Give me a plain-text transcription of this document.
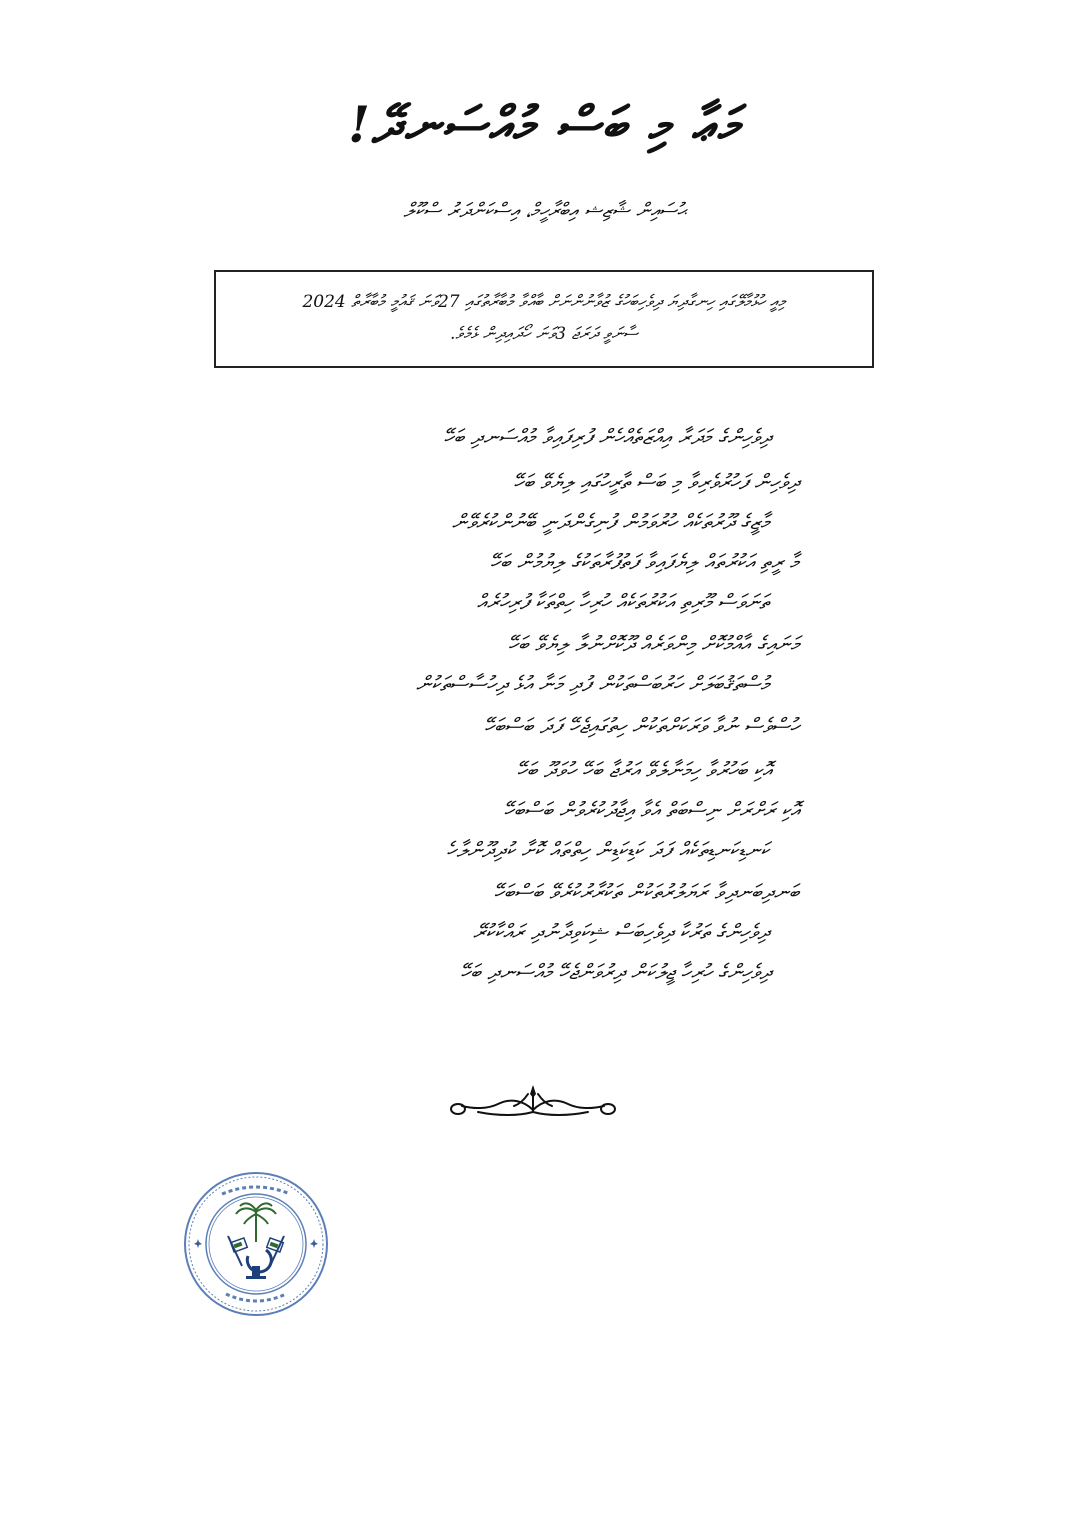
މަޢާ މި ބަސް މުއްސަނދޭ!
ޙުސައިން ޝާޒިޝ އިބްރާހީމް، އިސްކަންދަރު ސްކޫލް
މިއީ ހުޅުމާލޭގައި ހިނގާދިޔަ ދިވެހިބަހުގެ ޒުވާނުންނަށް ބާއްވާ މުބާރާތުގައި 27ވަނަ ޤައުމީ މުބާރާތް 2024
ސާނަވީ ދަރަޖަ 3ވަނަ ހޯދައިދިން ޅެމެވެ.
ދިވެހިންގެ މަދަރާ އިއްޒަތެއްހެން ފުރިފައިވާ މުއްސަނދި ބަހޭ
ދިވެހިން ފަހުރުވެރިވާ މި ބަސް ތާރީހުގައި ލިޔެވޭ ބަހޭ
މާޒީގެ ދޫރުތަކެއް ހުރުވަމުން ފުނިގެންދަނީ ބޭނުންކުރެވޭން
މާ ރީތި އަކުރުތައް ލިޔެފައިވާ ފަތުފުރާތަކުގެ ލިޔުމުން ބަހޭ
ތަނަވަސް މޫރިތި އަކުރުތަކެއް ހުރިހާ ހިތްތަކާ ފުރިހުރެއް
މަނައިގެ އާއްމުކޮށް މިންވަރެއް ދޫކޮށްނުލާ ލިޔެވޭ ބަހޭ
މުސްތަޤުބަލަށް ހަރުބަސްތަކުން ފުދި މަނާ އުޅެ ދިހުސާސްތަކުން
ހުސްވެސް ނުވާ ވަރަކަށްތަކުން ހިތުގައިޖެހޭ ފަދަ ބަސްބަހޭ
އޮކި ބަހުރުވާ ހިމަނާލެވޭ އަރުޖާ ބަހޭ ހުވަދޫ ބަހޭ
އޮކި ރަށްރަށް ނިސްބަތް އެވާ އިޖާދުކުރެވުން ބަސްބަހޭ
ކަނޑިކަނޑިތަކެއް ފަދަ ކަޑިކަޑިން ހިތްތައް ކޮށާ ކުދިދޫންލާހެ
ބަނދިބަނދިވާ ރަޔަލުރުތަކުން ތަކުރާރުކުރެވޭ ބަސްބަހޭ
ދިވެހިންގެ ތަރުކާ ދިވެހިބަސް ޝިކަވިދާނުދި ރައްކާކުރޭ
ދިވެހިންގެ ހުރިހާ ޖީލުކަން ދިރުވަންޖެހޭ މުއްސަނދި ބަހޭ
